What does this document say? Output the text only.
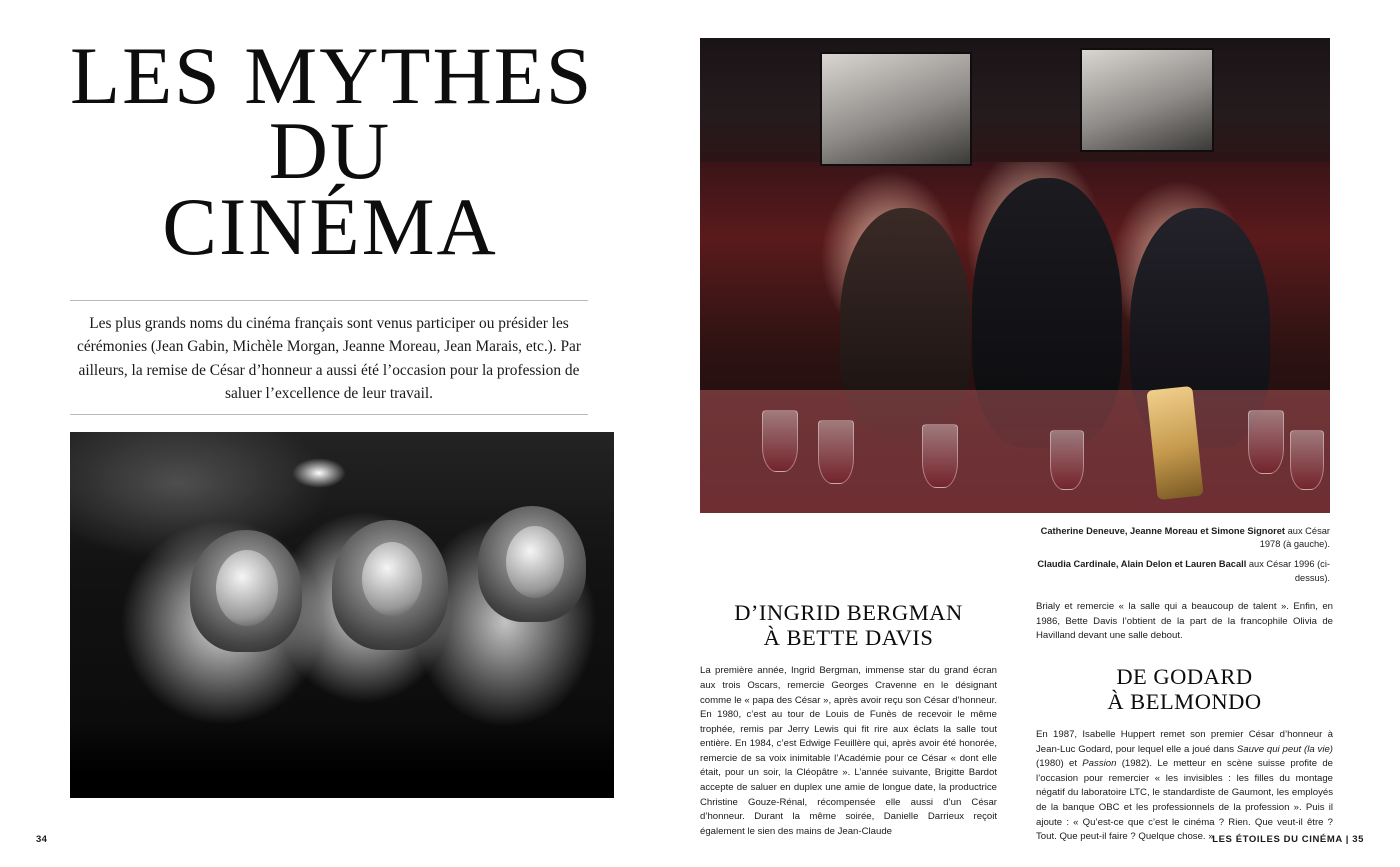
LES MYTHES
DU
CINÉMA
Les plus grands noms du cinéma français sont venus participer ou présider les cérémonies (Jean Gabin, Michèle Morgan, Jeanne Moreau, Jean Marais, etc.). Par ailleurs, la remise de César d’honneur a aussi été l’occasion pour la profession de saluer l’excellence de leur travail.
34
Catherine Deneuve, Jeanne Moreau et Simone Signoret aux César 1978 (à gauche).
Claudia Cardinale, Alain Delon et Lauren Bacall aux César 1996 (ci-dessus).
D’INGRID BERGMAN
À BETTE DAVIS

La première année, Ingrid Bergman, immense star du grand écran aux trois Oscars, remercie Georges Cravenne en le désignant comme le « papa des César », après avoir reçu son César d’honneur. En 1980, c’est au tour de Louis de Funès de recevoir le même trophée, remis par Jerry Lewis qui fit rire aux éclats la salle tout entière. En 1984, c’est Edwige Feuillère qui, après avoir été honorée, remercie de sa voix inimitable l’Académie pour ce César « dont elle était, pour un soir, la Cléopâtre ». L’année suivante, Brigitte Bardot accepte de saluer en duplex une amie de longue date, la productrice Christine Gouze-Rénal, récompensée elle aussi d’un César d’honneur. Durant la même soirée, Danielle Darrieux reçoit également le sien des mains de Jean-Claude

Brialy et remercie « la salle qui a beaucoup de talent ». Enfin, en 1986, Bette Davis l’obtient de la part de la francophile Olivia de Havilland devant une salle debout.

DE GODARD
À BELMONDO

En 1987, Isabelle Huppert remet son premier César d’honneur à Jean-Luc Godard, pour lequel elle a joué dans Sauve qui peut (la vie) (1980) et Passion (1982). Le metteur en scène suisse profite de l’occasion pour remercier « les invisibles : les filles du montage négatif du laboratoire LTC, le standardiste de Gaumont, les employés de la banque OBC et les professionnels de la profession ». Puis il ajoute : « Qu’est-ce que c’est le cinéma ? Rien. Que veut-il être ? Tout. Que peut-il faire ? Quelque chose. »

LES ÉTOILES DU CINÉMA | 35
